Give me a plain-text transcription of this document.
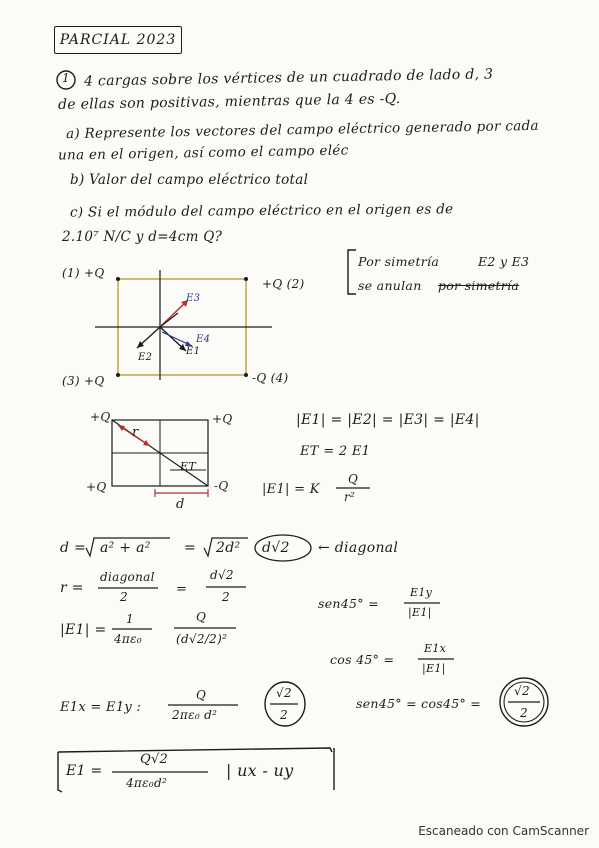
PARCIAL 2023
1 4 cargas sobre los vértices de un cuadrado de lado d, 3
de ellas son positivas, mientras que la 4 es -Q.
a) Represente los vectores del campo eléctrico generado por cada
una en el origen, así como el campo eléc
b) Valor del campo eléctrico total
c) Si el módulo del campo eléctrico en el origen es de
2.10⁷ N/C y d=4cm Q?
(1) +Q
+Q (2)
(3) +Q	-Q (4)
E3
E4
E1
E2
Por simetría	E2 y E3
se anulan por simetría
+Q	+Q
+Q	-Q
r
ET
d
|E1| = |E2| = |E3| = |E4|
ET = 2 E1
|E1| = K
Q
r²
d = a² + a² = 2d² d√2 ← diagonal
r =
diagonal
2	=
d√2
2
|E1| =
1
4πε₀
Q
(d√2/2)²
sen45° =
E1y
|E1|
cos 45° =
E1x
|E1|
E1x = E1y :
Q
2πε₀ d²
√2
2
sen45° = cos45° =
√2
2
E1 =
Q√2
4πε₀d²
| ux - uy
Escaneado con CamScanner
